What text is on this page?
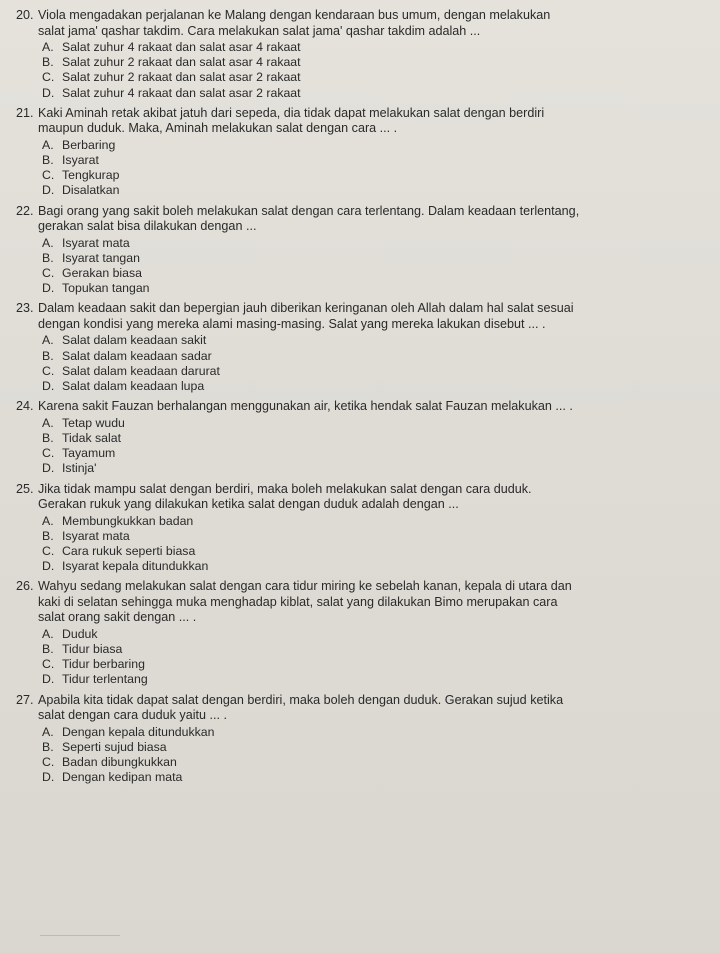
20. Viola mengadakan perjalanan ke Malang dengan kendaraan bus umum, dengan melakukan
salat jama' qashar takdim. Cara melakukan salat jama' qashar takdim adalah ...
A. Salat zuhur 4 rakaat dan salat asar 4 rakaat
B. Salat zuhur 2 rakaat dan salat asar 4 rakaat
C. Salat zuhur 2 rakaat dan salat asar 2 rakaat
D. Salat zuhur 4 rakaat dan salat asar 2 rakaat
21. Kaki Aminah retak akibat jatuh dari sepeda, dia tidak dapat melakukan salat dengan berdiri
maupun duduk. Maka, Aminah melakukan salat dengan cara ... .
A. Berbaring
B. Isyarat
C. Tengkurap
D. Disalatkan
22. Bagi orang yang sakit boleh melakukan salat dengan cara terlentang. Dalam keadaan terlentang,
gerakan salat bisa dilakukan dengan ...
A. Isyarat mata
B. Isyarat tangan
C. Gerakan biasa
D. Topukan tangan
23. Dalam keadaan sakit dan bepergian jauh diberikan keringanan oleh Allah dalam hal salat sesuai
dengan kondisi yang mereka alami masing-masing. Salat yang mereka lakukan disebut ... .
A. Salat dalam keadaan sakit
B. Salat dalam keadaan sadar
C. Salat dalam keadaan darurat
D. Salat dalam keadaan lupa
24. Karena sakit Fauzan berhalangan menggunakan air, ketika hendak salat Fauzan melakukan ... .
A. Tetap wudu
B. Tidak salat
C. Tayamum
D. Istinja'
25. Jika tidak mampu salat dengan berdiri, maka boleh melakukan salat dengan cara duduk.
Gerakan rukuk yang dilakukan ketika salat dengan duduk adalah dengan ...
A. Membungkukkan badan
B. Isyarat mata
C. Cara rukuk seperti biasa
D. Isyarat kepala ditundukkan
26. Wahyu sedang melakukan salat dengan cara tidur miring ke sebelah kanan, kepala di utara dan
kaki di selatan sehingga muka menghadap kiblat, salat yang dilakukan Bimo merupakan cara
salat orang sakit dengan ... .
A. Duduk
B. Tidur biasa
C. Tidur berbaring
D. Tidur terlentang
27. Apabila kita tidak dapat salat dengan berdiri, maka boleh dengan duduk. Gerakan sujud ketika
salat dengan cara duduk yaitu ... .
A. Dengan kepala ditundukkan
B. Seperti sujud biasa
C. Badan dibungkukkan
D. Dengan kedipan mata
